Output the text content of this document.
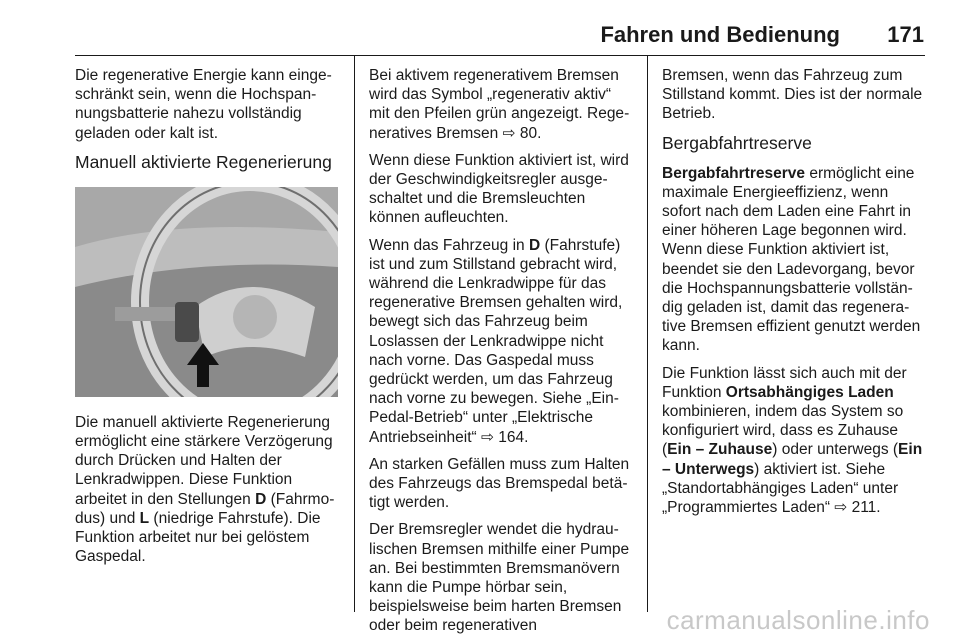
Fahren und Bedienung 171

Die regenerative Energie kann eingeschränkt sein, wenn die Hochspannungsbatterie nahezu vollständig geladen oder kalt ist.

Manuell aktivierte Regenerierung

Die manuell aktivierte Regenerierung ermöglicht eine stärkere Verzögerung durch Drücken und Halten der Lenkradwippen. Diese Funktion arbeitet in den Stellungen D (Fahrmodus) und L (niedrige Fahrstufe). Die Funktion arbeitet nur bei gelöstem Gaspedal.

Bei aktivem regenerativem Bremsen wird das Symbol „regenerativ aktiv“ mit den Pfeilen grün angezeigt. Regeneratives Bremsen ⇨ 80.

Wenn diese Funktion aktiviert ist, wird der Geschwindigkeitsregler ausgeschaltet und die Bremsleuchten können aufleuchten.

Wenn das Fahrzeug in D (Fahrstufe) ist und zum Stillstand gebracht wird, während die Lenkradwippe für das regenerative Bremsen gehalten wird, bewegt sich das Fahrzeug beim Loslassen der Lenkradwippe nicht nach vorne. Das Gaspedal muss gedrückt werden, um das Fahrzeug nach vorne zu bewegen. Siehe „Ein-Pedal-Betrieb“ unter „Elektrische Antriebseinheit“ ⇨ 164.

An starken Gefällen muss zum Halten des Fahrzeugs das Bremspedal betätigt werden.

Der Bremsregler wendet die hydraulischen Bremsen mithilfe einer Pumpe an. Bei bestimmten Bremsmanövern kann die Pumpe hörbar sein, beispielsweise beim harten Bremsen oder beim regenerativen

Bremsen, wenn das Fahrzeug zum Stillstand kommt. Dies ist der normale Betrieb.

Bergabfahrtreserve

Bergabfahrtreserve ermöglicht eine maximale Energieeffizienz, wenn sofort nach dem Laden eine Fahrt in einer höheren Lage begonnen wird. Wenn diese Funktion aktiviert ist, beendet sie den Ladevorgang, bevor die Hochspannungsbatterie vollständig geladen ist, damit das regenerative Bremsen effizient genutzt werden kann.

Die Funktion lässt sich auch mit der Funktion Ortsabhängiges Laden kombinieren, indem das System so konfiguriert wird, dass es Zuhause (Ein – Zuhause) oder unterwegs (Ein – Unterwegs) aktiviert ist. Siehe „Standortabhängiges Laden“ unter „Programmiertes Laden“ ⇨ 211.

carmanualsonline.info
